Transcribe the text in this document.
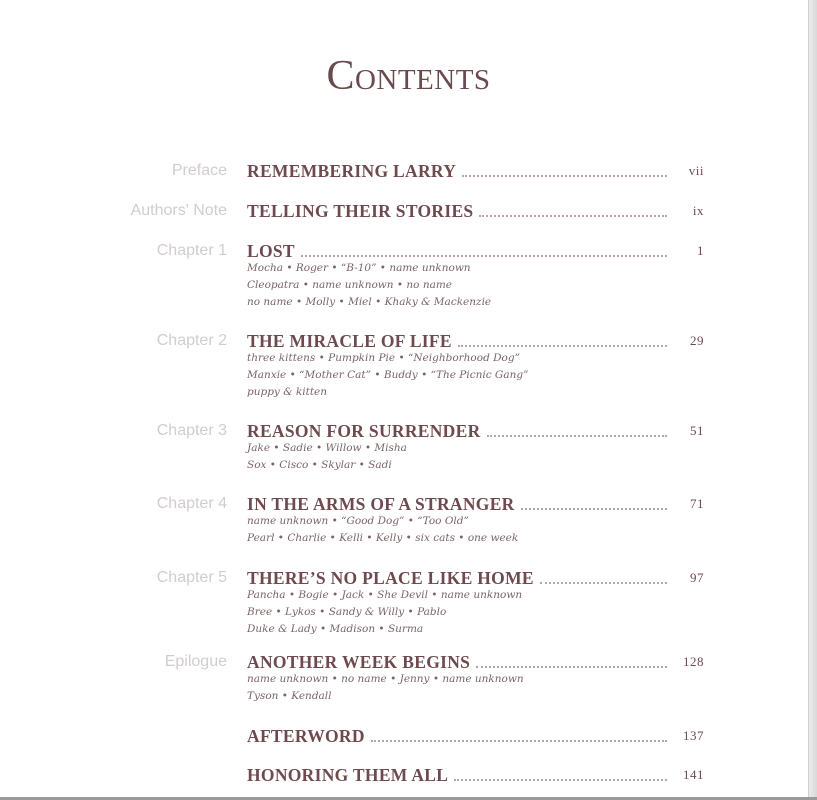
Contents
Preface REMEMBERING LARRY	vii
Authors' Note TELLING THEIR STORIES	ix
Chapter 1 LOST	1
Mocha • Roger • “B-10” • name unknown
Cleopatra • name unknown • no name
no name • Molly • Miel • Khaky & Mackenzie
Chapter 2 THE MIRACLE OF LIFE	29
three kittens • Pumpkin Pie • “Neighborhood Dog”
Manxie • “Mother Cat” • Buddy • “The Picnic Gang”
puppy & kitten
Chapter 3 REASON FOR SURRENDER	51
Jake • Sadie • Willow • Misha
Sox • Cisco • Skylar • Sadi
Chapter 4 IN THE ARMS OF A STRANGER	71
name unknown • “Good Dog” • “Too Old”
Pearl • Charlie • Kelli • Kelly • six cats • one week
Chapter 5 THERE’S NO PLACE LIKE HOME	97
Pancha • Bogie • Jack • She Devil • name unknown
Bree • Lykos • Sandy & Willy • Pablo
Duke & Lady • Madison • Surma
Epilogue ANOTHER WEEK BEGINS	128
name unknown • no name • Jenny • name unknown
Tyson • Kendall
AFTERWORD	137
HONORING THEM ALL	141
